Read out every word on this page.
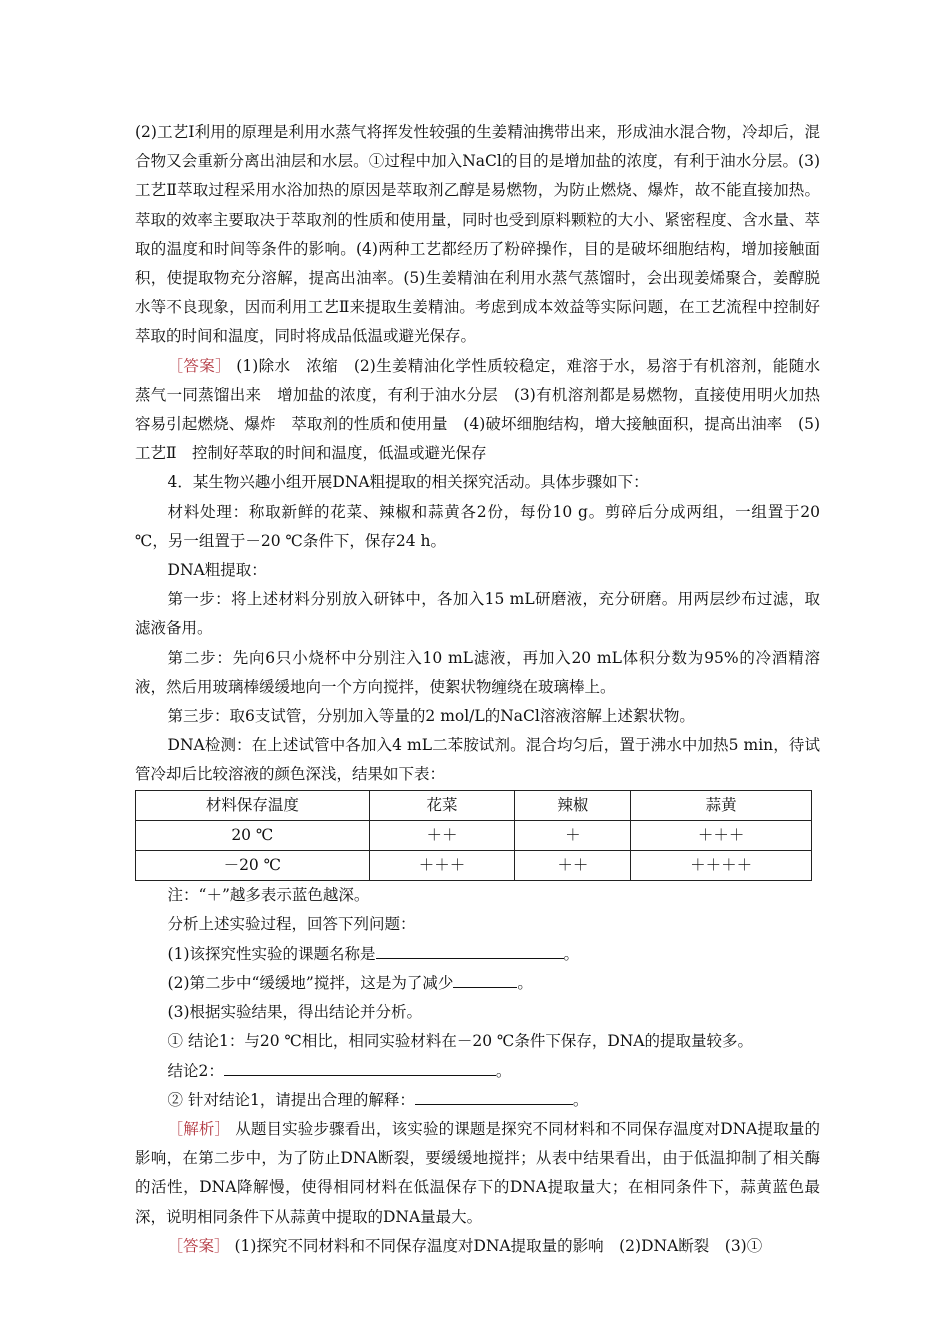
(2)工艺Ⅰ利用的原理是利用水蒸气将挥发性较强的生姜精油携带出来，形成油水混合物，冷却后，混合物又会重新分离出油层和水层。①过程中加入NaCl的目的是增加盐的浓度，有利于油水分层。(3)工艺Ⅱ萃取过程采用水浴加热的原因是萃取剂乙醇是易燃物，为防止燃烧、爆炸，故不能直接加热。萃取的效率主要取决于萃取剂的性质和使用量，同时也受到原料颗粒的大小、紧密程度、含水量、萃取的温度和时间等条件的影响。(4)两种工艺都经历了粉碎操作，目的是破坏细胞结构，增加接触面积，使提取物充分溶解，提高出油率。(5)生姜精油在利用水蒸气蒸馏时，会出现姜烯聚合，姜醇脱水等不良现象，因而利用工艺Ⅱ来提取生姜精油。考虑到成本效益等实际问题，在工艺流程中控制好萃取的时间和温度，同时将成品低温或避光保存。

［答案］ (1)除水　浓缩　(2)生姜精油化学性质较稳定，难溶于水，易溶于有机溶剂，能随水蒸气一同蒸馏出来　增加盐的浓度，有利于油水分层　(3)有机溶剂都是易燃物，直接使用明火加热容易引起燃烧、爆炸　萃取剂的性质和使用量　(4)破坏细胞结构，增大接触面积，提高出油率　(5)工艺Ⅱ　控制好萃取的时间和温度，低温或避光保存

4．某生物兴趣小组开展DNA粗提取的相关探究活动。具体步骤如下：

材料处理：称取新鲜的花菜、辣椒和蒜黄各2份，每份10 g。剪碎后分成两组，一组置于20 ℃，另一组置于－20 ℃条件下，保存24 h。

DNA粗提取：

第一步：将上述材料分别放入研钵中，各加入15 mL研磨液，充分研磨。用两层纱布过滤，取滤液备用。

第二步：先向6只小烧杯中分别注入10 mL滤液，再加入20 mL体积分数为95%的冷酒精溶液，然后用玻璃棒缓缓地向一个方向搅拌，使絮状物缠绕在玻璃棒上。

第三步：取6支试管，分别加入等量的2 mol/L的NaCl溶液溶解上述絮状物。

DNA检测：在上述试管中各加入4 mL二苯胺试剂。混合均匀后，置于沸水中加热5 min，待试管冷却后比较溶液的颜色深浅，结果如下表：

材料保存温度	花菜	辣椒	蒜黄
20 ℃	＋＋	＋	＋＋＋
－20 ℃	＋＋＋	＋＋	＋＋＋＋

注：“＋”越多表示蓝色越深。

分析上述实验过程，回答下列问题：

(1)该探究性实验的课题名称是	。

(2)第二步中“缓缓地”搅拌，这是为了减少	。

(3)根据实验结果，得出结论并分析。

① 结论1：与20 ℃相比，相同实验材料在－20 ℃条件下保存，DNA的提取量较多。

结论2：	。

② 针对结论1，请提出合理的解释：	。

［解析］ 从题目实验步骤看出，该实验的课题是探究不同材料和不同保存温度对DNA提取量的影响，在第二步中，为了防止DNA断裂，要缓缓地搅拌；从表中结果看出，由于低温抑制了相关酶的活性，DNA降解慢，使得相同材料在低温保存下的DNA提取量大；在相同条件下，蒜黄蓝色最深，说明相同条件下从蒜黄中提取的DNA量最大。

［答案］ (1)探究不同材料和不同保存温度对DNA提取量的影响　(2)DNA断裂　(3)①
